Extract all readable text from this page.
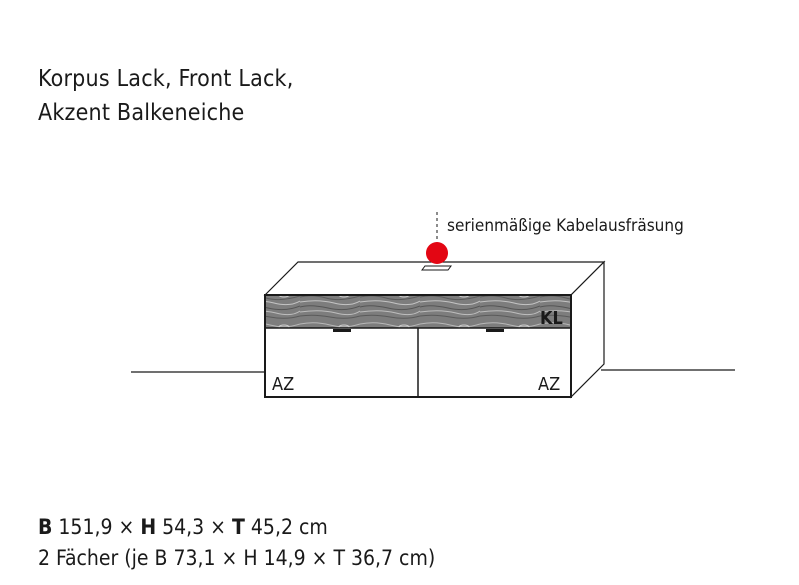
Korpus Lack, Front Lack,
Akzent Balkeneiche
serienmäßige Kabelausfräsung
KL
AZ	AZ
B 151,9 × H 54,3 × T 45,2 cm
2 Fächer (je B 73,1 × H 14,9 × T 36,7 cm)
